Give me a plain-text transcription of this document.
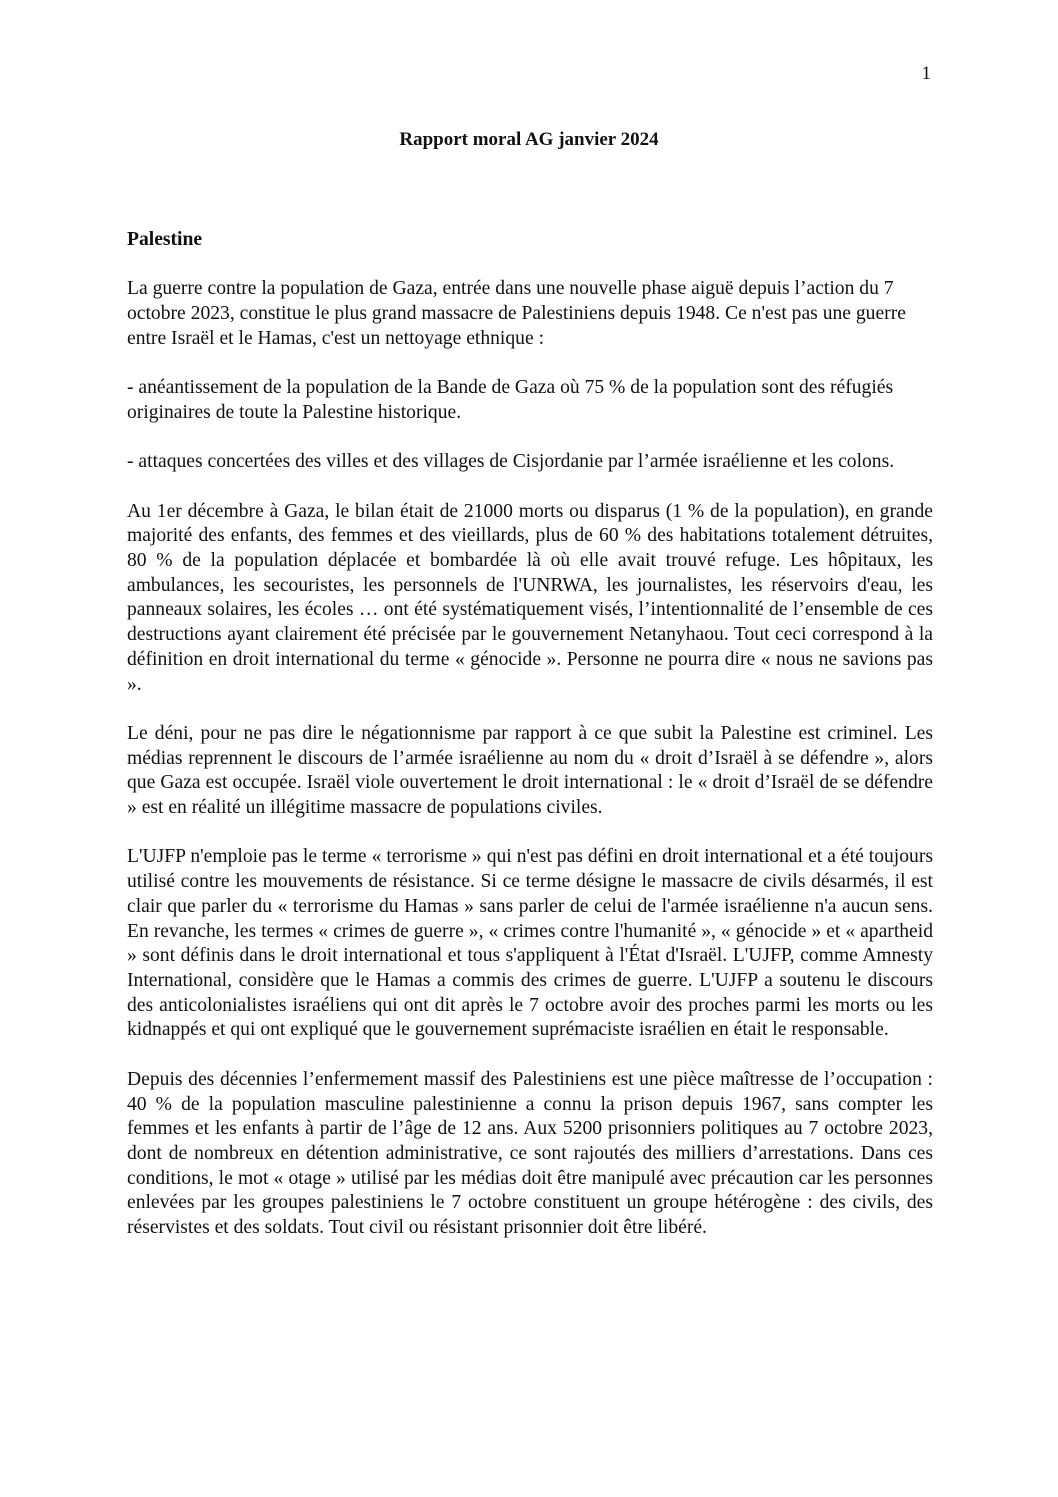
1
Rapport moral AG janvier 2024
Palestine

La guerre contre la population de Gaza, entrée dans une nouvelle phase aiguë depuis l’action du 7 octobre 2023, constitue le plus grand massacre de Palestiniens depuis 1948. Ce n'est pas une guerre entre Israël et le Hamas, c'est un nettoyage ethnique :

- anéantissement de la population de la Bande de Gaza où 75 % de la population sont des réfugiés originaires de toute la Palestine historique.

- attaques concertées des villes et des villages de Cisjordanie par l’armée israélienne et les colons.

Au 1er décembre à Gaza, le bilan était de 21000 morts ou disparus (1 % de la population), en grande majorité des enfants, des femmes et des vieillards, plus de 60 % des habitations totalement détruites, 80 % de la population déplacée et bombardée là où elle avait trouvé refuge. Les hôpitaux, les ambulances, les secouristes, les personnels de l'UNRWA, les journalistes, les réservoirs d'eau, les panneaux solaires, les écoles … ont été systématiquement visés, l’intentionnalité de l’ensemble de ces destructions ayant clairement été précisée par le gouvernement Netanyhaou. Tout ceci correspond à la définition en droit international du terme « génocide ». Personne ne pourra dire « nous ne savions pas ».

Le déni, pour ne pas dire le négationnisme par rapport à ce que subit la Palestine est criminel. Les médias reprennent le discours de l’armée israélienne au nom du « droit d’Israël à se défendre », alors que Gaza est occupée. Israël viole ouvertement le droit international : le « droit d’Israël de se défendre » est en réalité un illégitime massacre de populations civiles.

L'UJFP n'emploie pas le terme « terrorisme » qui n'est pas défini en droit international et a été toujours utilisé contre les mouvements de résistance. Si ce terme désigne le massacre de civils désarmés, il est clair que parler du « terrorisme du Hamas » sans parler de celui de l'armée israélienne n'a aucun sens. En revanche, les termes « crimes de guerre », « crimes contre l'humanité », « génocide » et « apartheid » sont définis dans le droit international et tous s'appliquent à l'État d'Israël. L'UJFP, comme Amnesty International, considère que le Hamas a commis des crimes de guerre. L'UJFP a soutenu le discours des anticolonialistes israéliens qui ont dit après le 7 octobre avoir des proches parmi les morts ou les kidnappés et qui ont expliqué que le gouvernement suprémaciste israélien en était le responsable.

Depuis des décennies l’enfermement massif des Palestiniens est une pièce maîtresse de l’occupation : 40 % de la population masculine palestinienne a connu la prison depuis 1967, sans compter les femmes et les enfants à partir de l’âge de 12 ans. Aux 5200 prisonniers politiques au 7 octobre 2023, dont de nombreux en détention administrative, ce sont rajoutés des milliers d’arrestations. Dans ces conditions, le mot « otage » utilisé par les médias doit être manipulé avec précaution car les personnes enlevées par les groupes palestiniens le 7 octobre constituent un groupe hétérogène : des civils, des réservistes et des soldats. Tout civil ou résistant prisonnier doit être libéré.
